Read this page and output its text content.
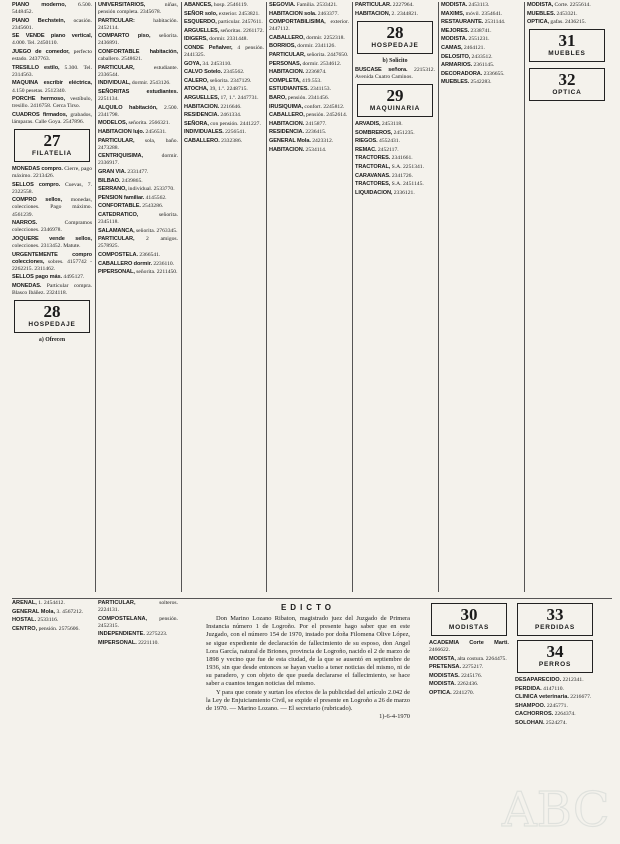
PIANO moderno, 6.500. 5448452.

PIANO Bechstein, ocasión. 2345601.

SE VENDE piano vertical, 4.000. Tel. 2450110.

JUEGO de comedor, perfecto estado. 2437763.

TRESILLO estilo, 5.300. Tel. 2314563.

MAQUINA escribir eléctrica, 4.150 pesetas. 2512340.

PORCHE hermoso, vestíbulo, tresillo. 2416758. Cerca Tirso.

CUADROS firmados, grabados, lámparas. Calle Goya. 2547896.

27
FILATELIA

MONEDAS compro. Cierre, pago máximo. 2213426.

SELLOS compro. Cuevas, 7. 2322558.

COMPRO sellos, monedas, colecciones. Pago máximo. 4561239.

NARROS. Compramos colecciones. 2346978.

JOQUERE vende sellos, colecciones. 2313452. Matute.

URGENTEMENTE compro colecciones, sobres. 4157742 - 2262215. 2311462.

SELLOS pago más. 4495127.

MONEDAS. Particular compra. Blasco Ibáñez. 2324118.

28
HOSPEDAJE
a) Ofrecen

UNIVERSITARIOS, niñas, pensión completa. 2345678.

PARTICULAR: habitación. 2452114.

COMPARTO piso, señorita. 2436891.

CONFORTABLE habitación, caballero. 2548621.

PARTICULAR, estudiante. 2336544.

INDIVIDUAL, dormir. 2543126.

SEÑORITAS estudiantes. 2251134.

ALQUILO habitación, 2.500. 2341798.

MODELOS, señorita. 2566321.

HABITACION lujo. 2456531.

PARTICULAR, sola, baño. 2473288.

CENTRIQUISIMA, dormir. 2336917.

GRAN VIA. 2331477.

BILBAO. 2439865.

SERRANO, individual. 2533770.

PENSION familiar. 4145562.

CONFORTABLE. 2543286.

CATEDRATICO, señorita. 2345118.

SALAMANCA, señorita. 2763345.

PARTICULAR, 2 amigos. 2578925.

COMPOSTELA. 2366541.

CABALLERO dormir. 2236110.

PIPERSONAL, señorita. 2211450.

ABANCES, hosp. 2546119.

SEÑOR solo, exterior. 2453821.

ESQUERDO, particular. 2457611.

ARGUELLES, señoritas. 2261172.

IDIGERS, dormir. 2331448.

CONDE Peñalver, 4 pensión. 2441325.

GOYA, 34. 2453110.

CALVO Sotelo. 2345562.

CALERO, señorita. 2347129.

ATOCHA, 39, 1.º. 2248715.

ARGUELLES, 17, 1.º. 2447731.

HABITACION. 2216646.

RESIDENCIA. 2461334.

SEÑORA, con pensión. 2441227.

INDIVIDUALES. 2256541.

CABALLERO. 2332386.

SEGOVIA. Familia. 2533421.

HABITACION sola. 2463377.

COMPORTABILISIMA, exterior. 2447112.

CABALLERO, dormir. 2252318.

BORRIOS, dormir. 2341126.

PARTICULAR, señorita. 2447650.

PERSONAS, dormir. 2534612.

HABITACION. 2236874.

COMPLETA, 419.553.

ESTUDIANTES. 2341153.

BARO, pensión. 2341456.

IRUSIQUIMA, confort. 2245812.

CABALLERO, pensión. 2452614.

HABITACION. 2415877.

RESIDENCIA. 2236415.

GENERAL Mola. 2423312.

HABITACION. 2534114.

PARTICULAR. 2227964.

HABITACION, 2. 2344821.

28
HOSPEDAJE
b) Solicito

BUSCASE señora. 2215312. Avenida Cuatro Caminos.

29
MAQUINARIA

ARVADIS, 2453118.

SOMBREROS, 2451235.

RIEGOS. 4552431.

REMAC. 2452117.

TRACTORES. 2341661.

TRACTORAL, S.A. 2251341.

CARAVANAS. 2341726.

TRACTORES, S.A. 2451145.

LIQUIDACION, 2336121.

MODISTA. 2453113.

MAXIMS, móvil. 2354641.

RESTAURANTE. 2531144.

MEJORES. 2338741.

MODISTA. 2551231.

CAMAS, 2464121.

DELOSITO, 2433512.

ARMARIOS. 2361145.

DECORADORA. 2336655.

MUEBLES. 2542283.

MODISTA, Corte. 2255614.

MUEBLES. 2453321.

OPTICA, gafas. 2436215.

31
MUEBLES
32
OPTICA

ARENAL, 1. 2454412.

GENERAL Mola, 3. 4567212.

HOSTAL. 2533116.

CENTRO, pensión. 2575606.

PARTICULAR, solteros. 2224131.

COMPOSTELANA, pensión. 2452315.

INDEPENDIENTE. 2275223.

MIPERSONAL. 2221110.

EDICTO

Don Marino Lozano Ribaton, magistrado juez del Juzgado de Primera Instancia número 1 de Logroño. Por el presente hago saber que en este Juzgado, con el número 154 de 1970, instado por doña Filomena Olive López, se sigue expediente de declaración de fallecimiento de su esposo, don Angel Lora García, natural de Briones, provincia de Logroño, nacido el 2 de marzo de 1898 y vecino que fue de esta ciudad, de la que se ausentó en septiembre de 1936, sin que desde entonces se hayan vuelto a tener noticias del mismo, ni de su paradero, y con objeto de que pueda declararse el fallecimiento, se hace saber a cuantos tengan noticias del mismo.

Y para que conste y surtan los efectos de la publicidad del artículo 2.042 de la Ley de Enjuiciamiento Civil, se expide el presente en Logroño a 26 de marzo de 1970. — Marino Lozano. — El secretario (rubricado).

1)-6-4-1970

30
MODISTAS

ACADEMIA Corte Marti. 2466622.

MODISTA, alta costura. 2264475.

PRETENSA. 2275217.

MODISTAS. 2245176.

MODISTA. 2262436.

OPTICA. 2241270.

33
PERDIDAS
34
PERROS

DESAPARECIDO. 2212341.

PERDIDA. 4147110.

CLINICA veterinaria. 2216677.

SHAMPOO. 2245771.

CACHORROS. 2264374.

SOLOHAN. 2524274.

ABC
